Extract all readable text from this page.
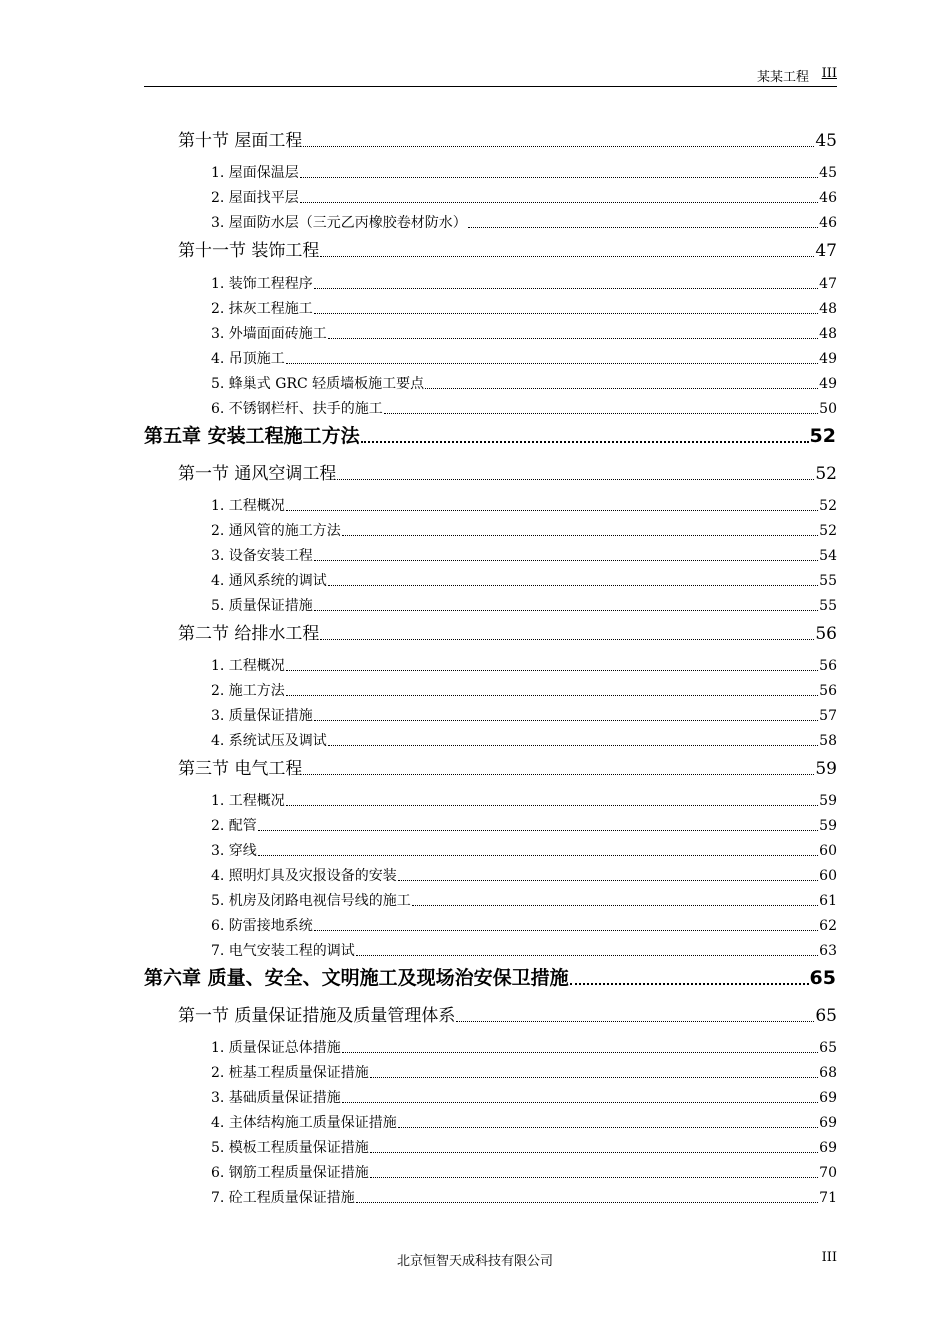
某某工程 III
第十节 屋面工程	45
1. 屋面保温层	45
2. 屋面找平层	46
3. 屋面防水层（三元乙丙橡胶卷材防水）	46
第十一节 装饰工程	47
1. 装饰工程程序	47
2. 抹灰工程施工	48
3. 外墙面面砖施工	48
4. 吊顶施工	49
5. 蜂巢式 GRC 轻质墙板施工要点	49
6. 不锈钢栏杆、扶手的施工	50
第五章 安装工程施工方法	52
第一节 通风空调工程	52
1. 工程概况	52
2. 通风管的施工方法	52
3. 设备安装工程	54
4. 通风系统的调试	55
5. 质量保证措施	55
第二节 给排水工程	56
1. 工程概况	56
2. 施工方法	56
3. 质量保证措施	57
4. 系统试压及调试	58
第三节 电气工程	59
1. 工程概况	59
2. 配管	59
3. 穿线	60
4. 照明灯具及灾报设备的安装	60
5. 机房及闭路电视信号线的施工	61
6. 防雷接地系统	62
7. 电气安装工程的调试	63
第六章 质量、安全、文明施工及现场治安保卫措施	65
第一节 质量保证措施及质量管理体系	65
1. 质量保证总体措施	65
2. 桩基工程质量保证措施	68
3. 基础质量保证措施	69
4. 主体结构施工质量保证措施	69
5. 模板工程质量保证措施	69
6. 钢筋工程质量保证措施	70
7. 砼工程质量保证措施	71
北京恒智天成科技有限公司	III
